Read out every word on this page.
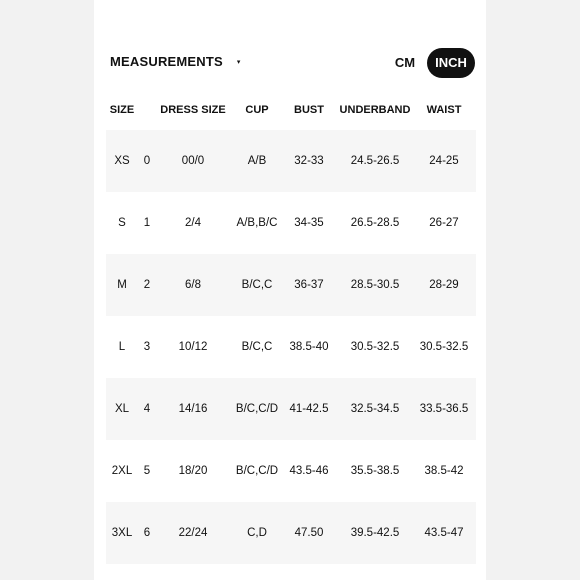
MEASUREMENTS ▾	CM	INCH
SIZE DRESS SIZE CUP BUST UNDERBAND WAIST
XS 0	00/0	A/B 32-33 24.5-26.5	24-25
S 1	2/4	A/B,B/C 34-35 26.5-28.5	26-27
M 2	6/8	B/C,C 36-37 28.5-30.5	28-29
L 3 10/12	B/C,C 38.5-40 30.5-32.5 30.5-32.5
XL 4 14/16 B/C,C/D 41-42.5 32.5-34.5 33.5-36.5
2XL 5 18/20 B/C,C/D 43.5-46 35.5-38.5 38.5-42
3XL 6 22/24	C,D 47.50 39.5-42.5 43.5-47
